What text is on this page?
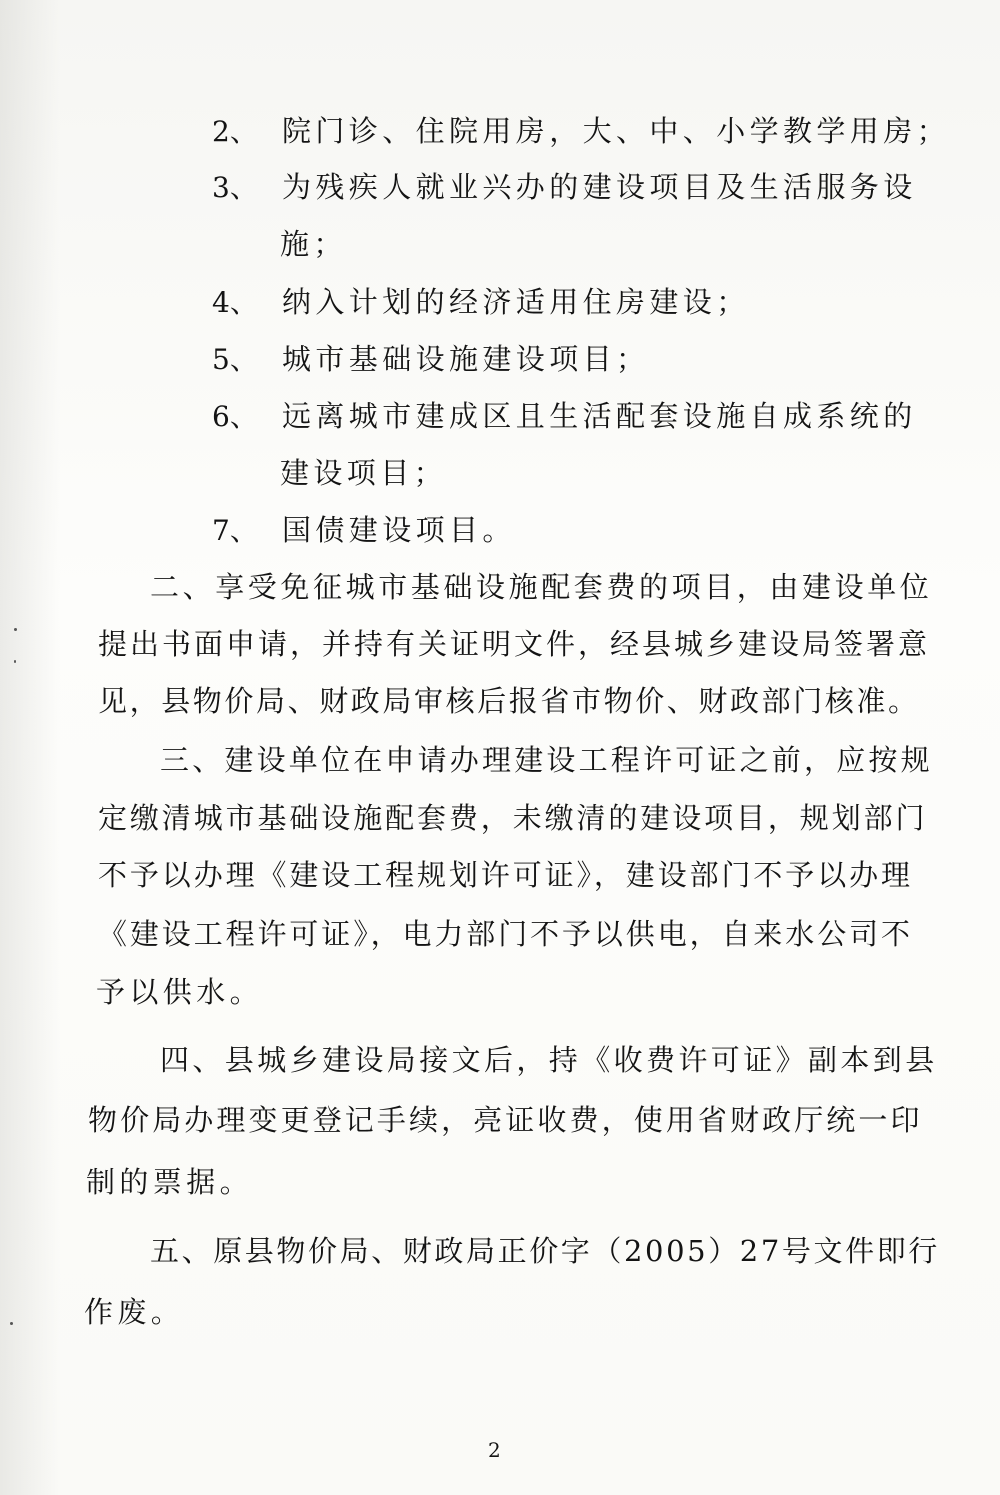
2、 院门诊、住院用房，大、中、小学教学用房；
3、 为残疾人就业兴办的建设项目及生活服务设
施；
4、 纳入计划的经济适用住房建设；
5、 城市基础设施建设项目；
6、 远离城市建成区且生活配套设施自成系统的
建设项目；
7、 国债建设项目。
二、享受免征城市基础设施配套费的项目，由建设单位
提出书面申请，并持有关证明文件，经县城乡建设局签署意
见，县物价局、财政局审核后报省市物价、财政部门核准。
三、建设单位在申请办理建设工程许可证之前，应按规
定缴清城市基础设施配套费，未缴清的建设项目，规划部门
不予以办理《建设工程规划许可证》，建设部门不予以办理
《建设工程许可证》，电力部门不予以供电，自来水公司不
予以供水。
四、县城乡建设局接文后，持《收费许可证》副本到县
物价局办理变更登记手续，亮证收费，使用省财政厅统一印
制的票据。
五、原县物价局、财政局正价字（2005）27号文件即行
作废。
2
